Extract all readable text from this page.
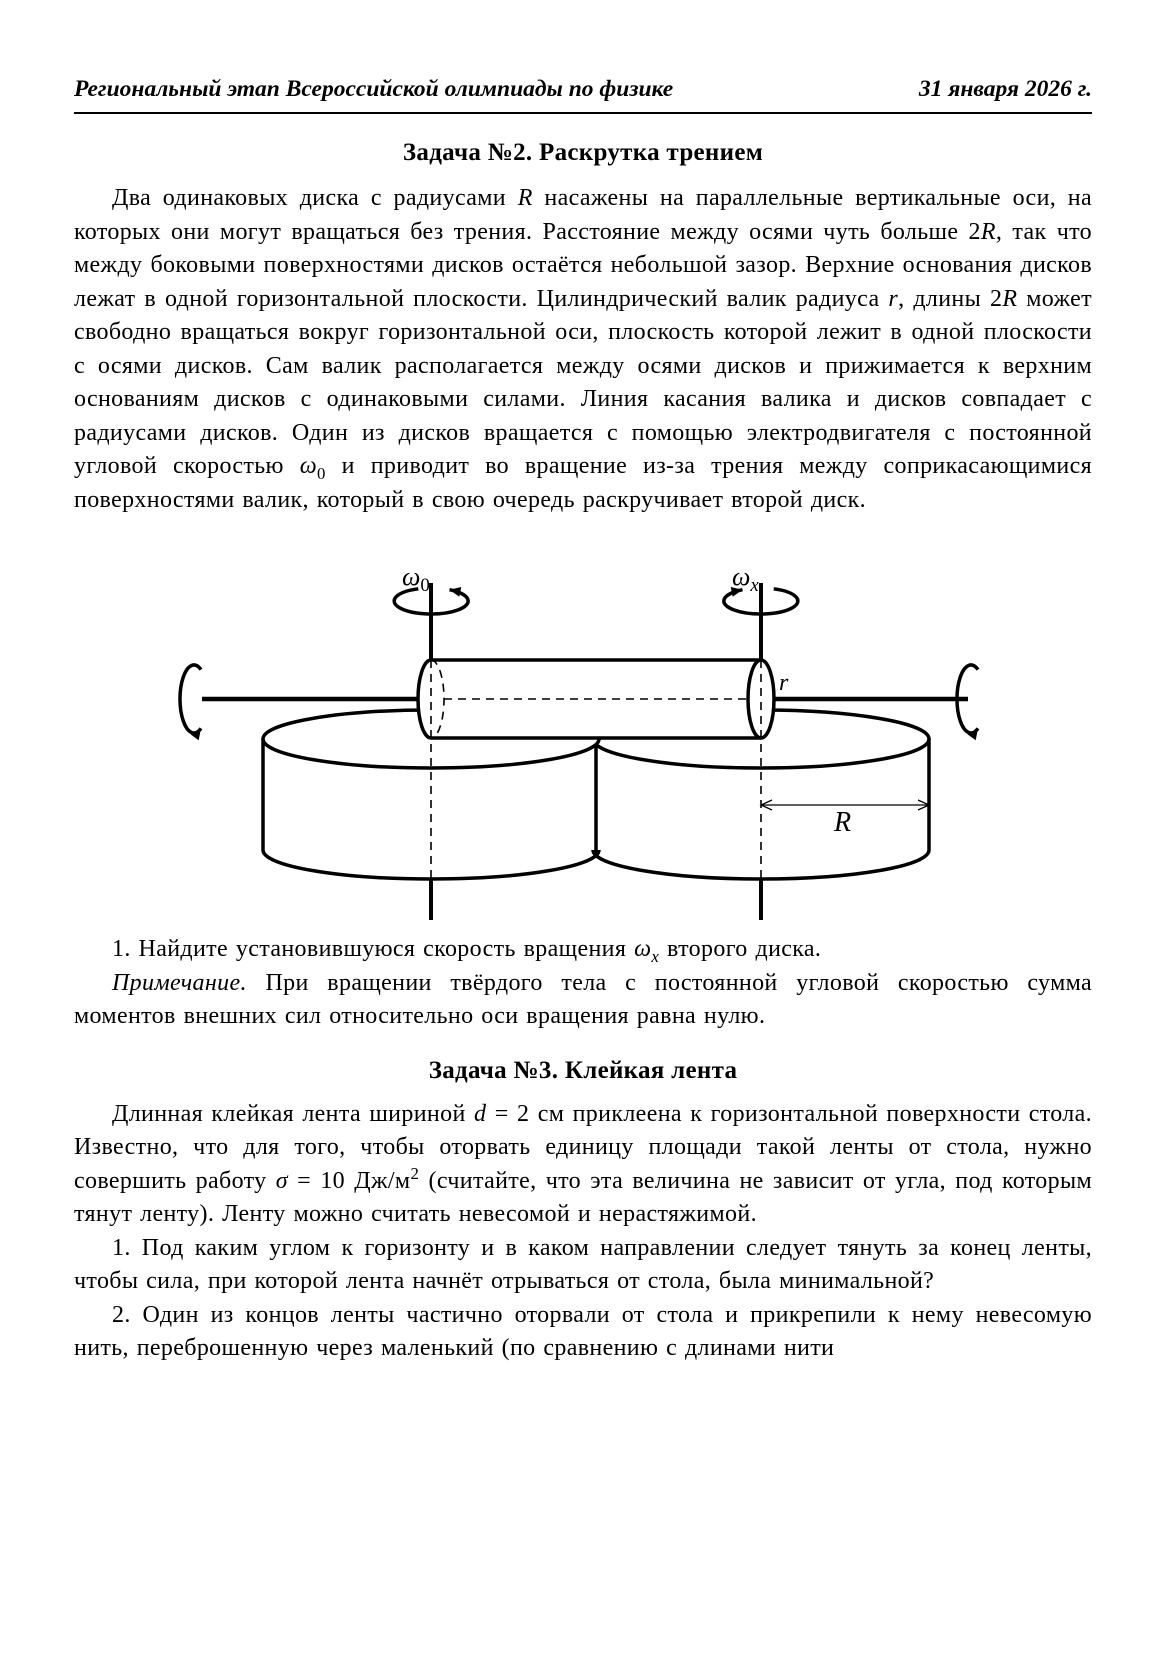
Региональный этап Всероссийской олимпиады по физике	31 января 2026 г.
Задача №2. Раскрутка трением

Два одинаковых диска с радиусами R насажены на параллельные вертикальные оси, на которых они могут вращаться без трения. Расстояние между осями чуть больше 2R, так что между боковыми поверхностями дисков остаётся небольшой зазор. Верхние основания дисков лежат в одной горизонтальной плоскости. Цилиндрический валик радиуса r, длины 2R может свободно вращаться вокруг горизонтальной оси, плоскость которой лежит в одной плоскости с осями дисков. Сам валик располагается между осями дисков и прижимается к верхним основаниям дисков с одинаковыми силами. Линия касания валика и дисков совпадает с радиусами дисков. Один из дисков вращается с помощью электродвигателя с постоянной угловой скоростью $\omega_0$ и приводит во вращение из-за трения между соприкасающимися поверхностями валик, который в свою очередь раскручивает второй диск.

$\omega_0$	$\omega_x$
r
R

1. Найдите установившуюся скорость вращения $\omega_x$ второго диска.

Примечание. При вращении твёрдого тела с постоянной угловой скоростью сумма моментов внешних сил относительно оси вращения равна нулю.

Задача №3. Клейкая лента

Длинная клейкая лента шириной d = 2 см приклеена к горизонтальной поверхности стола. Известно, что для того, чтобы оторвать единицу площади такой ленты от стола, нужно совершить работу σ = 10 $Дж/м^2$ (считайте, что эта величина не зависит от угла, под которым тянут ленту). Ленту можно считать невесомой и нерастяжимой.

1. Под каким углом к горизонту и в каком направлении следует тянуть за конец ленты, чтобы сила, при которой лента начнёт отрываться от стола, была минимальной?

2. Один из концов ленты частично оторвали от стола и прикрепили к нему невесомую нить, переброшенную через маленький (по сравнению с длинами нити
